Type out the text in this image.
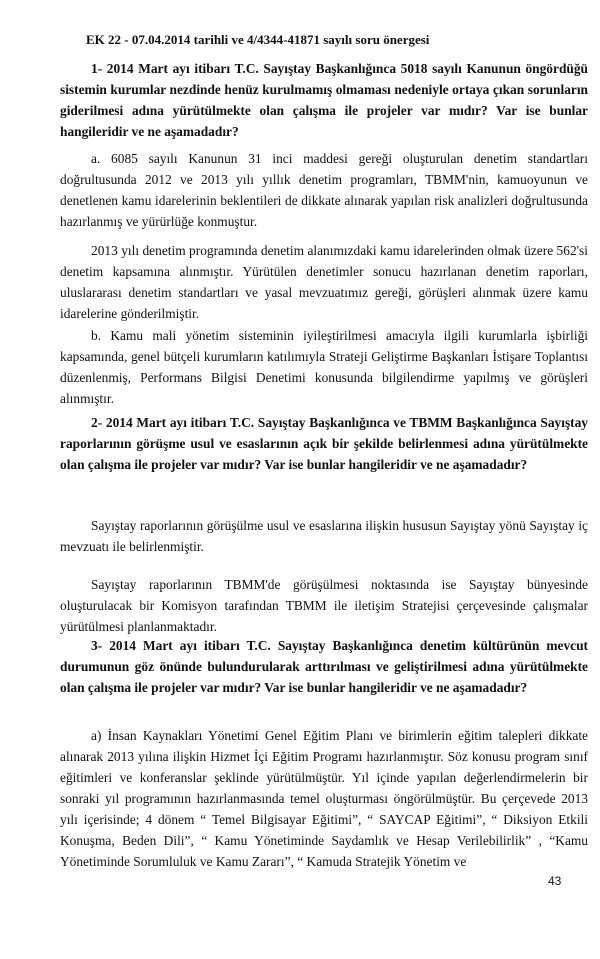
EK 22 - 07.04.2014 tarihli ve 4/4344-41871 sayılı soru önergesi

1- 2014 Mart ayı itibarı T.C. Sayıştay Başkanlığınca 5018 sayılı Kanunun öngördüğü sistemin kurumlar nezdinde henüz kurulmamış olmaması nedeniyle ortaya çıkan sorunların giderilmesi adına yürütülmekte olan çalışma ile projeler var mıdır? Var ise bunlar hangileridir ve ne aşamadadır?

a. 6085 sayılı Kanunun 31 inci maddesi gereği oluşturulan denetim standartları doğrultusunda 2012 ve 2013 yılı yıllık denetim programları, TBMM'nin, kamuoyunun ve denetlenen kamu idarelerinin beklentileri de dikkate alınarak yapılan risk analizleri doğrultusunda hazırlanmış ve yürürlüğe konmuştur.

2013 yılı denetim programında denetim alanımızdaki kamu idarelerinden olmak üzere 562'si denetim kapsamına alınmıştır. Yürütülen denetimler sonucu hazırlanan denetim raporları, uluslararası denetim standartları ve yasal mevzuatımız gereği, görüşleri alınmak üzere kamu idarelerine gönderilmiştir.

b. Kamu mali yönetim sisteminin iyileştirilmesi amacıyla ilgili kurumlarla işbirliği kapsamında, genel bütçeli kurumların katılımıyla Strateji Geliştirme Başkanları İstişare Toplantısı düzenlenmiş, Performans Bilgisi Denetimi konusunda bilgilendirme yapılmış ve görüşleri alınmıştır.

2- 2014 Mart ayı itibarı T.C. Sayıştay Başkanlığınca ve TBMM Başkanlığınca Sayıştay raporlarının görüşme usul ve esaslarının açık bir şekilde belirlenmesi adına yürütülmekte olan çalışma ile projeler var mıdır? Var ise bunlar hangileridir ve ne aşamadadır?

Sayıştay raporlarının görüşülme usul ve esaslarına ilişkin hususun Sayıştay yönü Sayıştay iç mevzuatı ile belirlenmiştir.

Sayıştay raporlarının TBMM'de görüşülmesi noktasında ise Sayıştay bünyesinde oluşturulacak bir Komisyon tarafından TBMM ile iletişim Stratejisi çerçevesinde çalışmalar yürütülmesi planlanmaktadır.

3- 2014 Mart ayı itibarı T.C. Sayıştay Başkanlığınca denetim kültürünün mevcut durumunun göz önünde bulundurularak arttırılması ve geliştirilmesi adına yürütülmekte olan çalışma ile projeler var mıdır? Var ise bunlar hangileridir ve ne aşamadadır?

a) İnsan Kaynakları Yönetimi Genel Eğitim Planı ve birimlerin eğitim talepleri dikkate alınarak 2013 yılına ilişkin Hizmet İçi Eğitim Programı hazırlanmıştır. Söz konusu program sınıf eğitimleri ve konferanslar şeklinde yürütülmüştür. Yıl içinde yapılan değerlendirmelerin bir sonraki yıl programının hazırlanmasında temel oluşturması öngörülmüştür. Bu çerçevede 2013 yılı içerisinde; 4 dönem “ Temel Bilgisayar Eğitimi”, “ SAYCAP Eğitimi”, “ Diksiyon Etkili Konuşma, Beden Dili”, “ Kamu Yönetiminde Saydamlık ve Hesap Verilebilirlik” , “Kamu Yönetiminde Sorumluluk ve Kamu Zararı”, “ Kamuda Stratejik Yönetim ve

43
